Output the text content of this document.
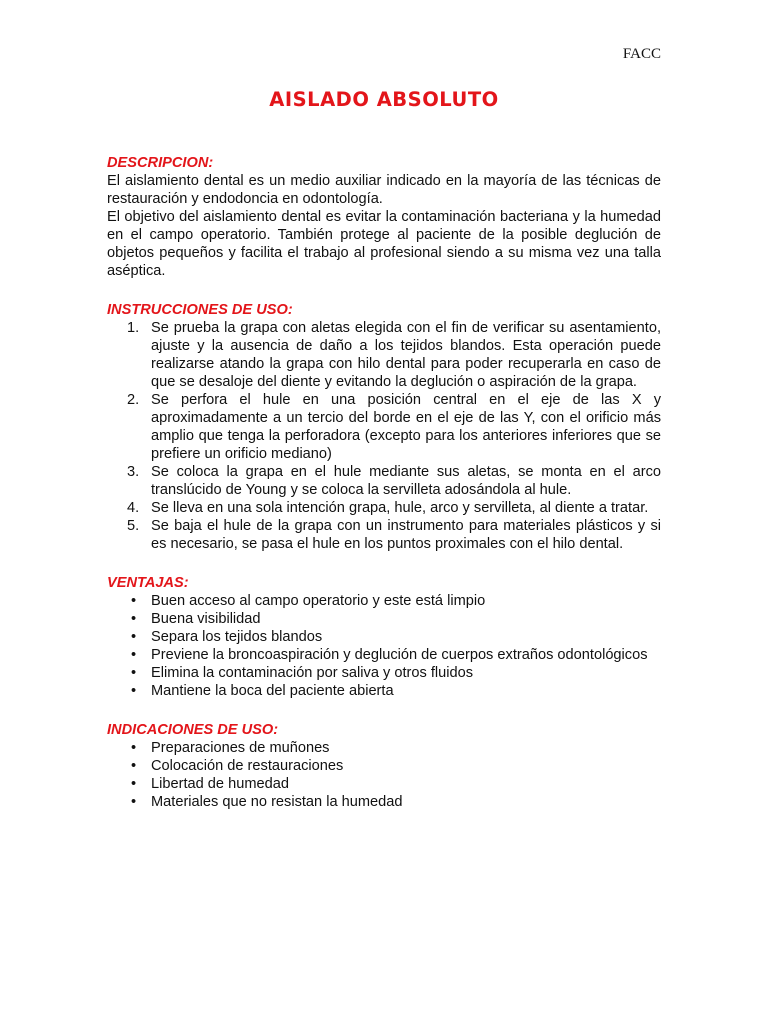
FACC
AISLADO ABSOLUTO
DESCRIPCION:

El aislamiento dental es un medio auxiliar indicado en la mayoría de las técnicas de restauración y endodoncia en odontología.

El objetivo del aislamiento dental es evitar la contaminación bacteriana y la humedad en el campo operatorio. También protege al paciente de la posible deglución de objetos pequeños y facilita el trabajo al profesional siendo a su misma vez una talla aséptica.

INSTRUCCIONES DE USO:
1. Se prueba la grapa con aletas elegida con el fin de verificar su asentamiento, ajuste y la ausencia de daño a los tejidos blandos. Esta operación puede realizarse atando la grapa con hilo dental para poder recuperarla en caso de que se desaloje del diente y evitando la deglución o aspiración de la grapa.
2. Se perfora el hule en una posición central en el eje de las X y aproximadamente a un tercio del borde en el eje de las Y, con el orificio más amplio que tenga la perforadora (excepto para los anteriores inferiores que se prefiere un orificio mediano)
3. Se coloca la grapa en el hule mediante sus aletas, se monta en el arco translúcido de Young y se coloca la servilleta adosándola al hule.
4. Se lleva en una sola intención grapa, hule, arco y servilleta, al diente a tratar.
5. Se baja el hule de la grapa con un instrumento para materiales plásticos y si es necesario, se pasa el hule en los puntos proximales con el hilo dental.
VENTAJAS:
• Buen acceso al campo operatorio y este está limpio
• Buena visibilidad
• Separa los tejidos blandos
• Previene la broncoaspiración y deglución de cuerpos extraños odontológicos
• Elimina la contaminación por saliva y otros fluidos
• Mantiene la boca del paciente abierta
INDICACIONES DE USO:
• Preparaciones de muñones
• Colocación de restauraciones
• Libertad de humedad
• Materiales que no resistan la humedad
